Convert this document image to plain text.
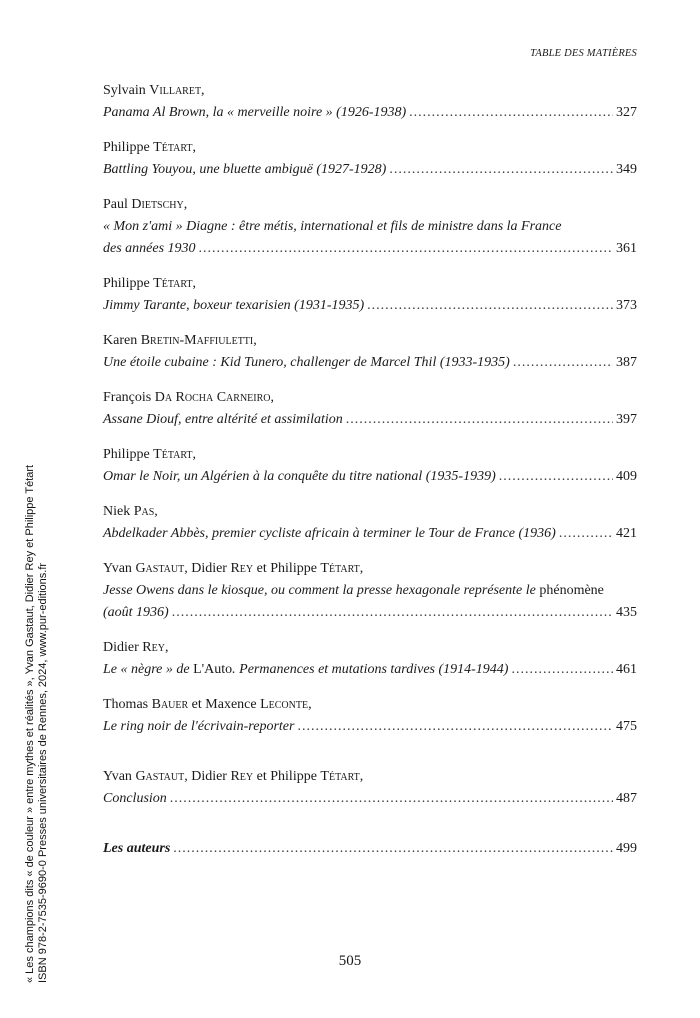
TABLE DES MATIÈRES
Sylvain Villaret,
Panama Al Brown, la « merveille noire » (1926-1938) .....	327
Philippe Tétart,
Battling Youyou, une bluette ambiguë (1927-1928) .....	349
Paul Dietschy,
« Mon z'ami » Diagne : être métis, international et fils de ministre dans la France
des années 1930 .....	361
Philippe Tétart,
Jimmy Tarante, boxeur texarisien (1931-1935) .....	373
Karen Bretin-Maffiuletti,
Une étoile cubaine : Kid Tunero, challenger de Marcel Thil (1933-1935) .....	387
François Da Rocha Carneiro,
Assane Diouf, entre altérité et assimilation .....	397
Philippe Tétart,
Omar le Noir, un Algérien à la conquête du titre national (1935-1939) .....	409
Niek Pas,
Abdelkader Abbès, premier cycliste africain à terminer le Tour de France (1936) .....	421
Yvan Gastaut, Didier Rey et Philippe Tétart,
Jesse Owens dans le kiosque, ou comment la presse hexagonale représente le phénomène
(août 1936) .....	435
Didier Rey,
Le « nègre » de L'Auto. Permanences et mutations tardives (1914-1944) .....	461
Thomas Bauer et Maxence Leconte,
Le ring noir de l'écrivain-reporter .....	475
Yvan Gastaut, Didier Rey et Philippe Tétart,
Conclusion .....	487
Les auteurs .....	499
« Les champions dits « de couleur » entre mythes et réalités », Yvan Gastaut, Didier Rey et Philippe Tétart ISBN 978-2-7535-9690-0 Presses universitaires de Rennes, 2024, www.pur-editions.fr	505
